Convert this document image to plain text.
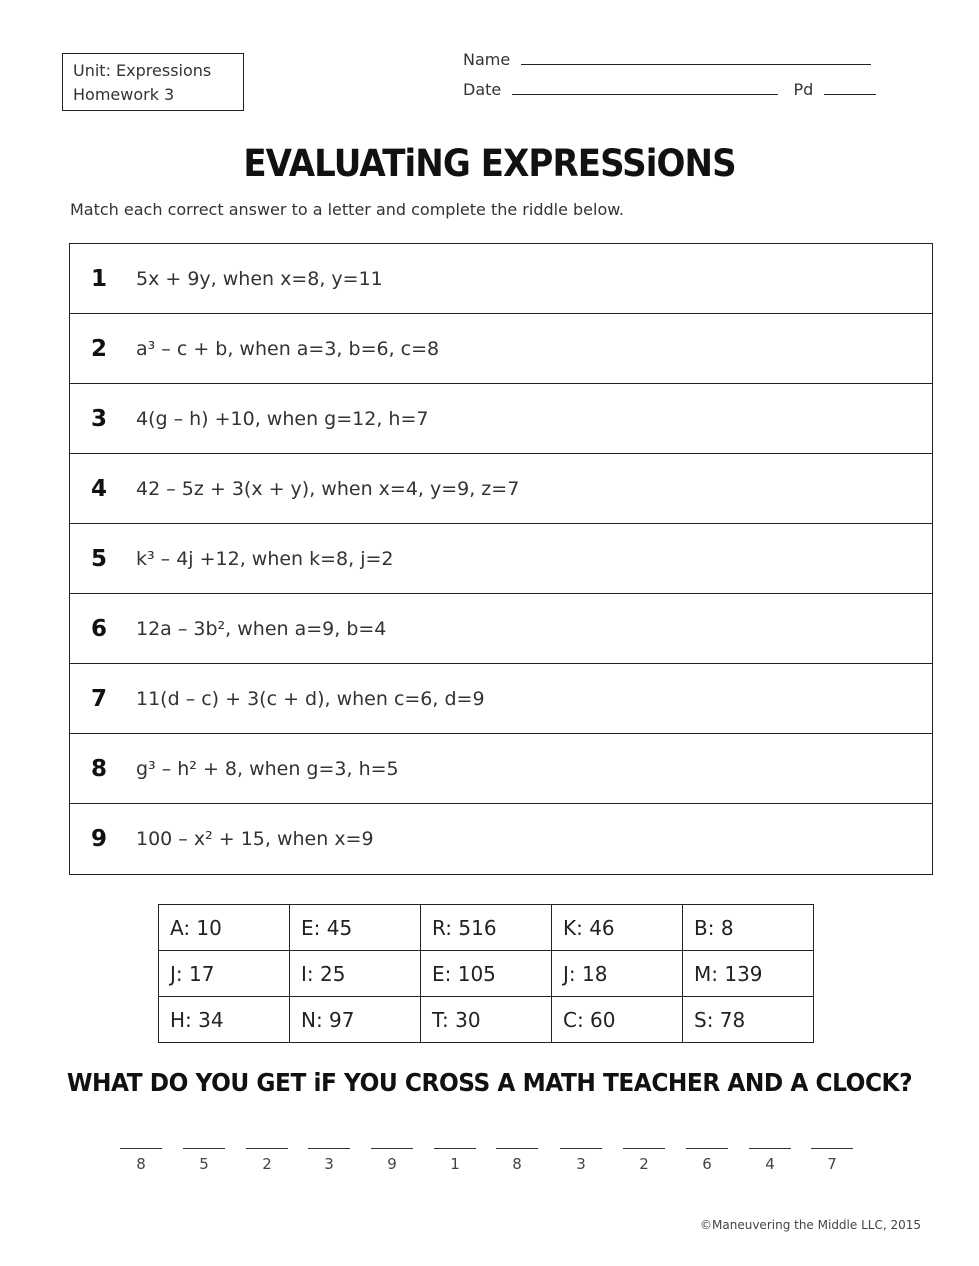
Unit: Expressions
Homework 3
Name
Date	Pd
EVALUATiNG EXPRESSiONS
Match each correct answer to a letter and complete the riddle below.
1 5x + 9y, when x=8, y=11
2 a³ – c + b, when a=3, b=6, c=8
3 4(g – h) +10, when g=12, h=7
4 42 – 5z + 3(x + y), when x=4, y=9, z=7
5 k³ – 4j +12, when k=8, j=2
6 12a – 3b², when a=9, b=4
7 11(d – c) + 3(c + d), when c=6, d=9
8 g³ – h² + 8, when g=3, h=5
9 100 – x² + 15, when x=9
A: 10	E: 45	R: 516	K: 46	B: 8
J: 17	I: 25	E: 105	J: 18	M: 139
H: 34	N: 97	T: 30	C: 60	S: 78
WHAT DO YOU GET iF YOU CROSS A MATH TEACHER AND A CLOCK?
8	5	2	3	9	1	8	3	2	6	4	7
©Maneuvering the Middle LLC, 2015
